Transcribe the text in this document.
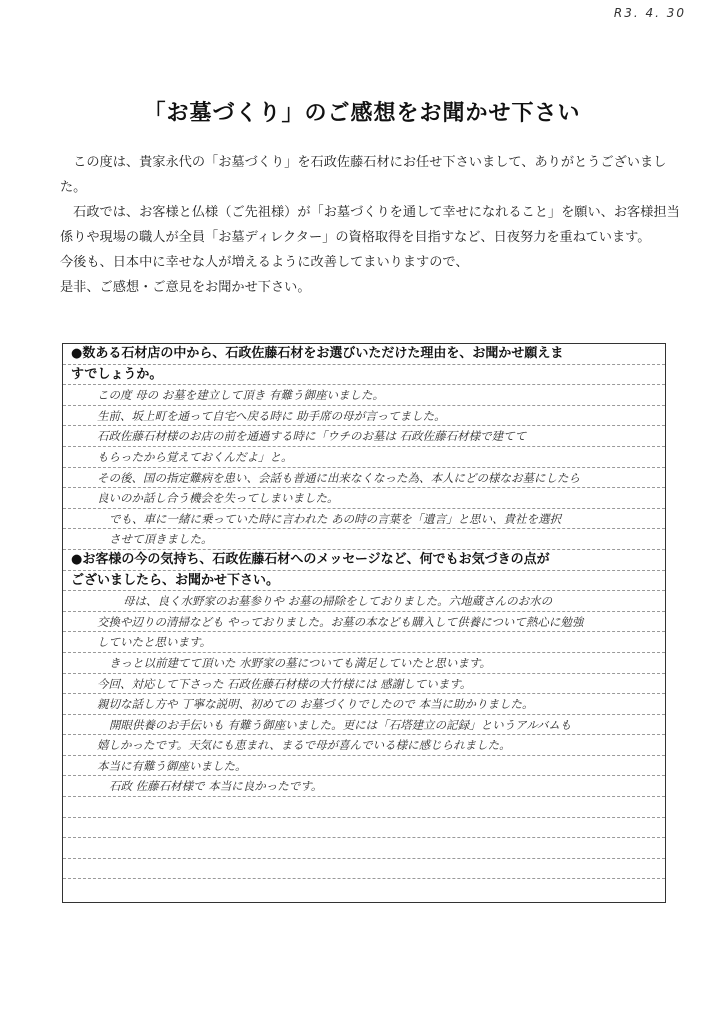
R3. 4. 30
「お墓づくり」のご感想をお聞かせ下さい

　この度は、貴家永代の「お墓づくり」を石政佐藤石材にお任せ下さいまして、ありがとうございました。

　石政では、お客様と仏様（ご先祖様）が「お墓づくりを通して幸せになれること」を願い、お客様担当係りや現場の職人が全員「お墓ディレクター」の資格取得を目指すなど、日夜努力を重ねています。

今後も、日本中に幸せな人が増えるように改善してまいりますので、

是非、ご感想・ご意見をお聞かせ下さい。

●数ある石材店の中から、石政佐藤石材をお選びいただけた理由を、お聞かせ願えま
すでしょうか。
この度 母の お墓を建立して頂き 有難う御座いました。
生前、坂上町を通って自宅へ戻る時に 助手席の母が言ってました。
石政佐藤石材様のお店の前を通過する時に「ウチのお墓は 石政佐藤石材様で建てて
もらったから覚えておくんだよ」と。
その後、国の指定難病を患い、会話も普通に出来なくなった為、本人にどの様なお墓にしたら
良いのか話し合う機会を失ってしまいました。
でも、車に一緒に乗っていた時に言われた あの時の言葉を「遺言」と思い、貴社を選択
させて頂きました。
●お客様の今の気持ち、石政佐藤石材へのメッセージなど、何でもお気づきの点が
ございましたら、お聞かせ下さい。
母は、良く水野家のお墓参りや お墓の掃除をしておりました。六地蔵さんのお水の
交換や辺りの清掃なども やっておりました。お墓の本なども購入して供養について熱心に勉強
していたと思います。
きっと以前建てて頂いた 水野家の墓についても満足していたと思います。
今回、対応して下さった 石政佐藤石材様の大竹様には 感謝しています。
親切な話し方や 丁寧な説明、初めての お墓づくりでしたので 本当に助かりました。
開眼供養のお手伝いも 有難う御座いました。更には「石塔建立の記録」というアルバムも
嬉しかったです。天気にも恵まれ、まるで母が喜んでいる様に感じられました。
本当に有難う御座いました。
石政 佐藤石材様で 本当に良かったです。
